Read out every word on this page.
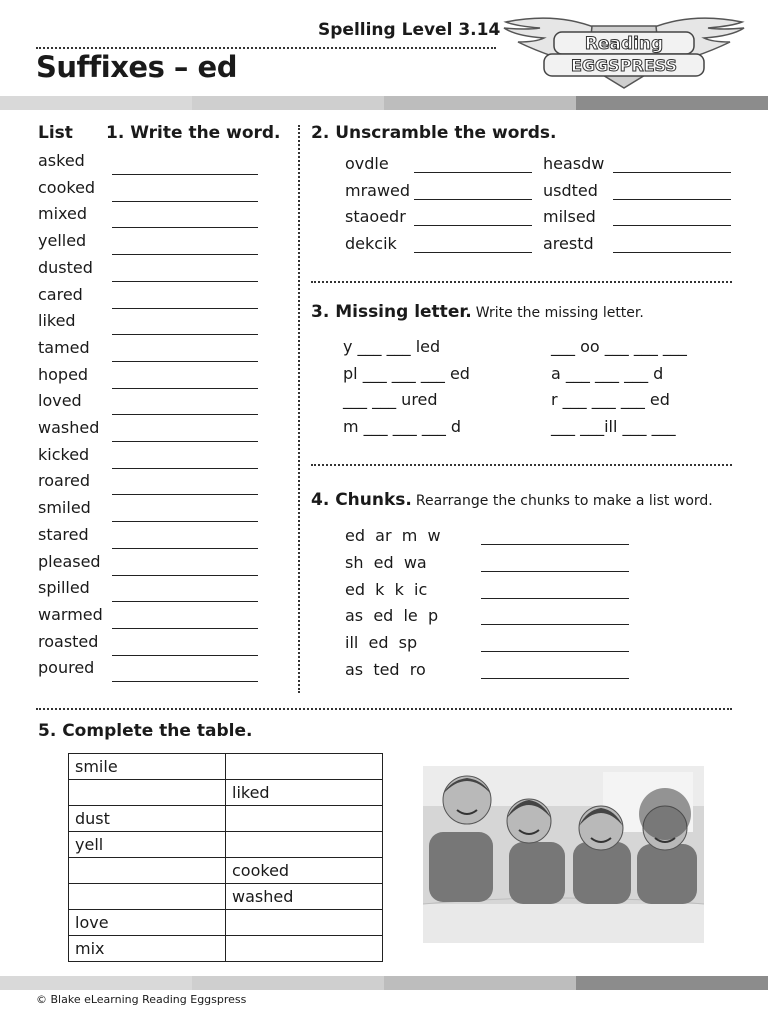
Spelling Level 3.14
Suffixes – ed
Reading
EGGSPRESS
List 1. Write the word.
asked
cooked
mixed
yelled
dusted
cared
liked
tamed
hoped
loved
washed
kicked
roared
smiled
stared
pleased
spilled
warmed
roasted
poured
2. Unscramble the words.
ovdle	heasdw
mrawed	usdted
staoedr	milsed
dekcik	arestd
3. Missing letter. Write the missing letter.
y ___ ___ led	___ oo ___ ___ ___
pl ___ ___ ___ ed	a ___ ___ ___ d
___ ___ ured	r ___ ___ ___ ed
m ___ ___ ___ d	___ ___ill ___ ___
4. Chunks. Rearrange the chunks to make a list word.
ed  ar  m  w
sh  ed  wa
ed  k  k  ic
as  ed  le  p
ill  ed  sp
as  ted  ro
5. Complete the table.
smile	
	liked
dust	
yell	
	cooked
	washed
love	
mix	
© Blake eLearning Reading Eggspress
